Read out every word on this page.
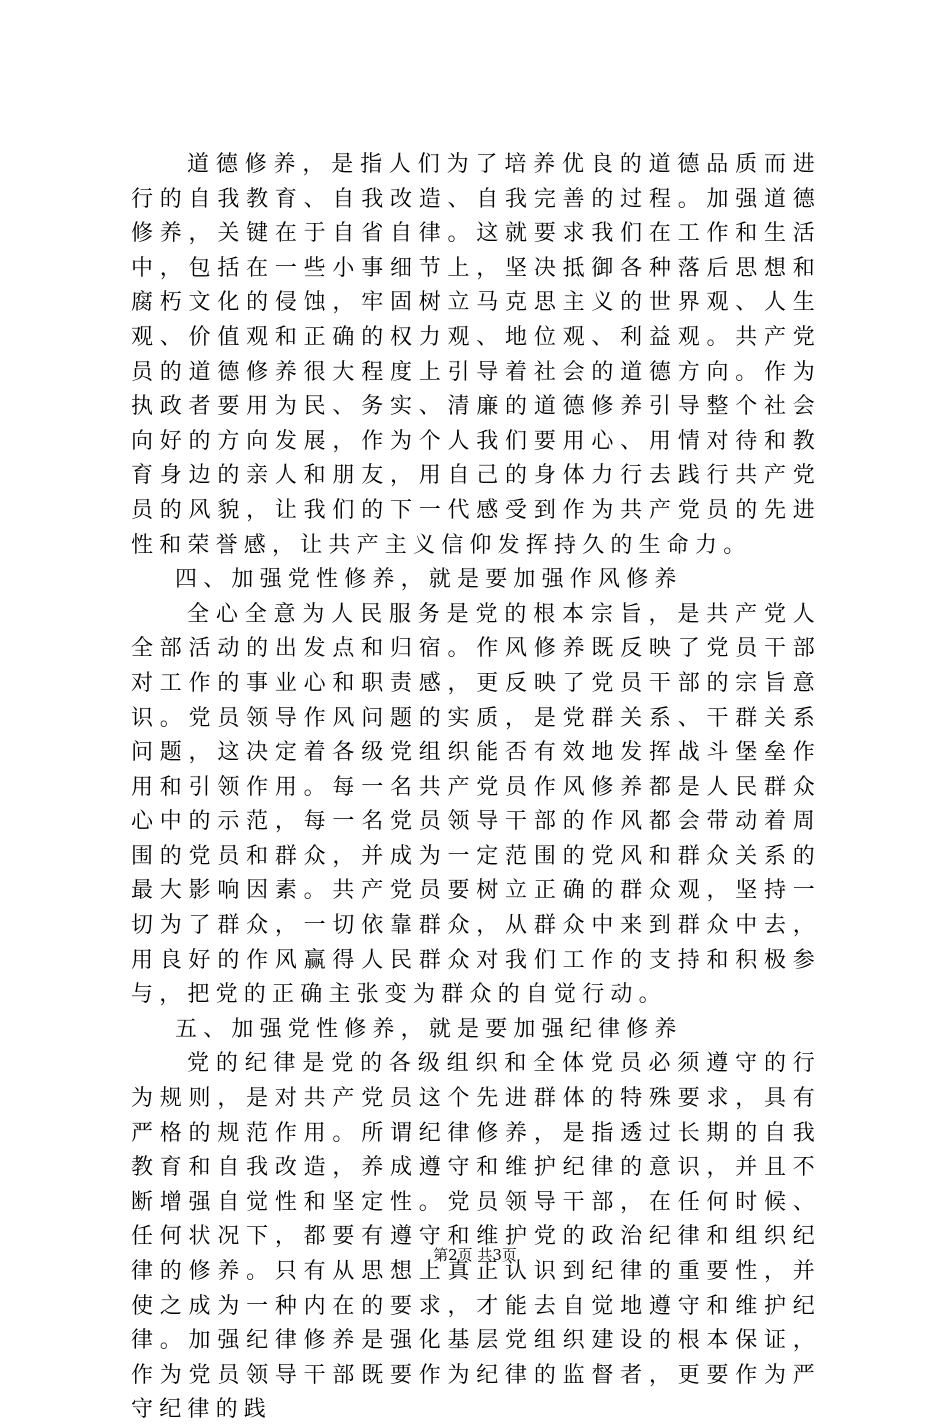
道德修养，是指人们为了培养优良的道德品质而进行的自我教育、自我改造、自我完善的过程。加强道德修养，关键在于自省自律。这就要求我们在工作和生活中，包括在一些小事细节上，坚决抵御各种落后思想和腐朽文化的侵蚀，牢固树立马克思主义的世界观、人生观、价值观和正确的权力观、地位观、利益观。共产党员的道德修养很大程度上引导着社会的道德方向。作为执政者要用为民、务实、清廉的道德修养引导整个社会向好的方向发展，作为个人我们要用心、用情对待和教育身边的亲人和朋友，用自己的身体力行去践行共产党员的风貌，让我们的下一代感受到作为共产党员的先进性和荣誉感，让共产主义信仰发挥持久的生命力。

四、加强党性修养，就是要加强作风修养

全心全意为人民服务是党的根本宗旨，是共产党人全部活动的出发点和归宿。作风修养既反映了党员干部对工作的事业心和职责感，更反映了党员干部的宗旨意识。党员领导作风问题的实质，是党群关系、干群关系问题，这决定着各级党组织能否有效地发挥战斗堡垒作用和引领作用。每一名共产党员作风修养都是人民群众心中的示范，每一名党员领导干部的作风都会带动着周围的党员和群众，并成为一定范围的党风和群众关系的最大影响因素。共产党员要树立正确的群众观，坚持一切为了群众，一切依靠群众，从群众中来到群众中去，用良好的作风赢得人民群众对我们工作的支持和积极参与，把党的正确主张变为群众的自觉行动。

五、加强党性修养，就是要加强纪律修养

党的纪律是党的各级组织和全体党员必须遵守的行为规则，是对共产党员这个先进群体的特殊要求，具有严格的规范作用。所谓纪律修养，是指透过长期的自我教育和自我改造，养成遵守和维护纪律的意识，并且不断增强自觉性和坚定性。党员领导干部，在任何时候、任何状况下，都要有遵守和维护党的政治纪律和组织纪律的修养。只有从思想上真正认识到纪律的重要性，并使之成为一种内在的要求，才能去自觉地遵守和维护纪律。加强纪律修养是强化基层党组织建设的根本保证，作为党员领导干部既要作为纪律的监督者，更要作为严守纪律的践

第2页 共3页
